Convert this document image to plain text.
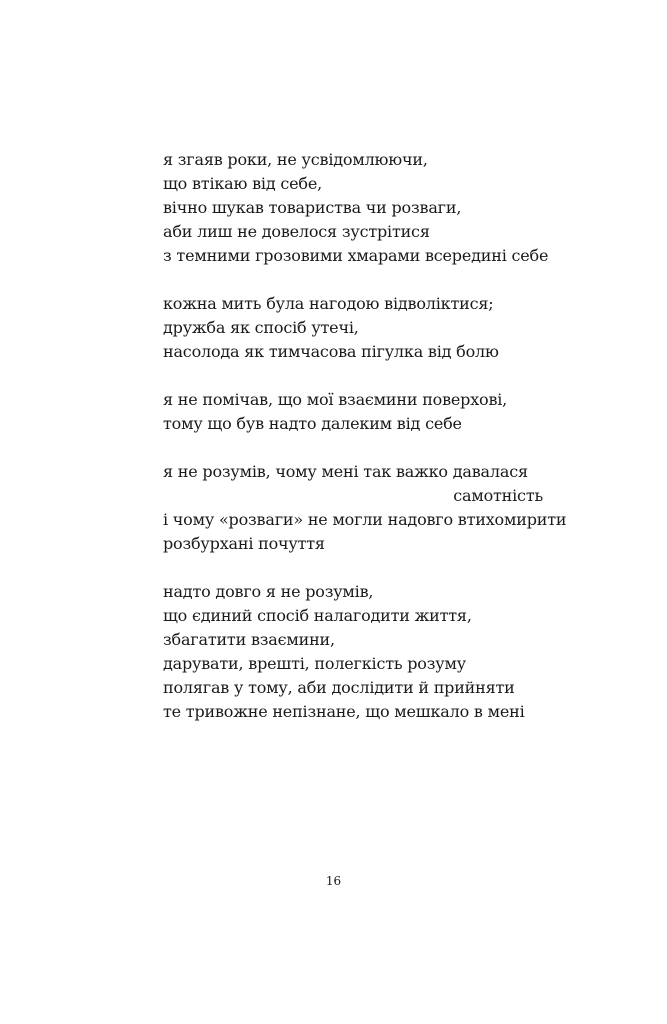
я згаяв роки, не усвідомлюючи,
що втікаю від себе,
вічно шукав товариства чи розваги,
аби лиш не довелося зустрітися
з темними грозовими хмарами всередині себе
кожна мить була нагодою відволіктися;
дружба як спосіб утечі,
насолода як тимчасова пігулка від болю
я не помічав, що мої взаємини поверхові,
тому що був надто далеким від себе
я не розумів, чому мені так важко давалася
самотність
і чому «розваги» не могли надовго втихомирити
розбурхані почуття
надто довго я не розумів,
що єдиний спосіб налагодити життя,
збагатити взаємини,
дарувати, врешті, полегкість розуму
полягав у тому, аби дослідити й прийняти
те тривожне непізнане, що мешкало в мені
16
